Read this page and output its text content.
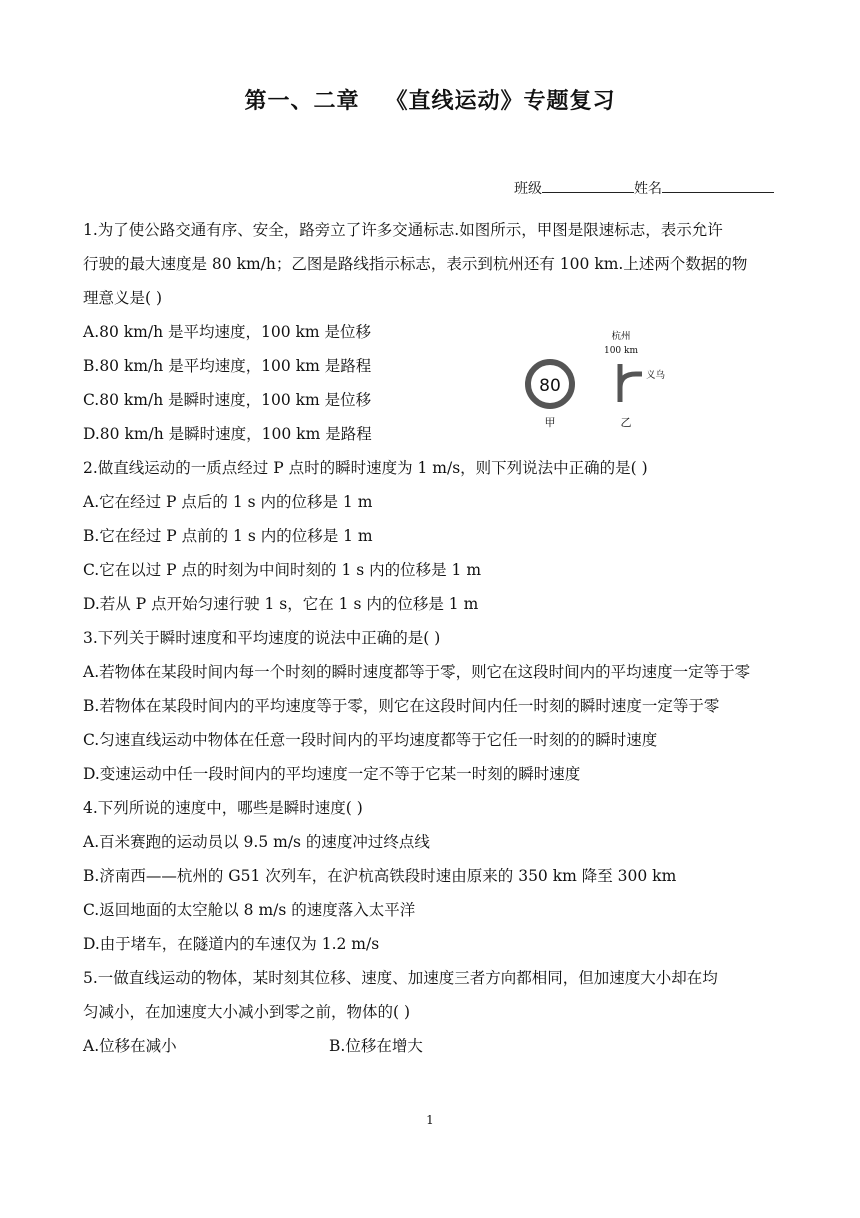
第一、二章   《直线运动》专题复习
班级	姓名
1.为了使公路交通有序、安全，路旁立了许多交通标志.如图所示，甲图是限速标志，表示允许
行驶的最大速度是 80 km/h；乙图是路线指示标志，表示到杭州还有 100 km.上述两个数据的物
理意义是( )
A.80 km/h 是平均速度，100 km 是位移
B.80 km/h 是平均速度，100 km 是路程
C.80 km/h 是瞬时速度，100 km 是位移
D.80 km/h 是瞬时速度，100 km 是路程
2.做直线运动的一质点经过 P 点时的瞬时速度为 1 m/s，则下列说法中正确的是( )
A.它在经过 P 点后的 1 s 内的位移是 1 m
B.它在经过 P 点前的 1 s 内的位移是 1 m
C.它在以过 P 点的时刻为中间时刻的 1 s 内的位移是 1 m
D.若从 P 点开始匀速行驶 1 s，它在 1 s 内的位移是 1 m
3.下列关于瞬时速度和平均速度的说法中正确的是( )
A.若物体在某段时间内每一个时刻的瞬时速度都等于零，则它在这段时间内的平均速度一定等于零
B.若物体在某段时间内的平均速度等于零，则它在这段时间内任一时刻的瞬时速度一定等于零
C.匀速直线运动中物体在任意一段时间内的平均速度都等于它任一时刻的的瞬时速度
D.变速运动中任一段时间内的平均速度一定不等于它某一时刻的瞬时速度
4.下列所说的速度中，哪些是瞬时速度( )
A.百米赛跑的运动员以 9.5 m/s 的速度冲过终点线
B.济南西——杭州的 G51 次列车，在沪杭高铁段时速由原来的 350 km 降至 300 km
C.返回地面的太空舱以 8 m/s 的速度落入太平洋
D.由于堵车，在隧道内的车速仅为 1.2 m/s
5.一做直线运动的物体，某时刻其位移、速度、加速度三者方向都相同，但加速度大小却在均
匀减小，在加速度大小减小到零之前，物体的( )
A.位移在减小	B.位移在增大
80
甲
杭州
100 km
义乌
乙
1
